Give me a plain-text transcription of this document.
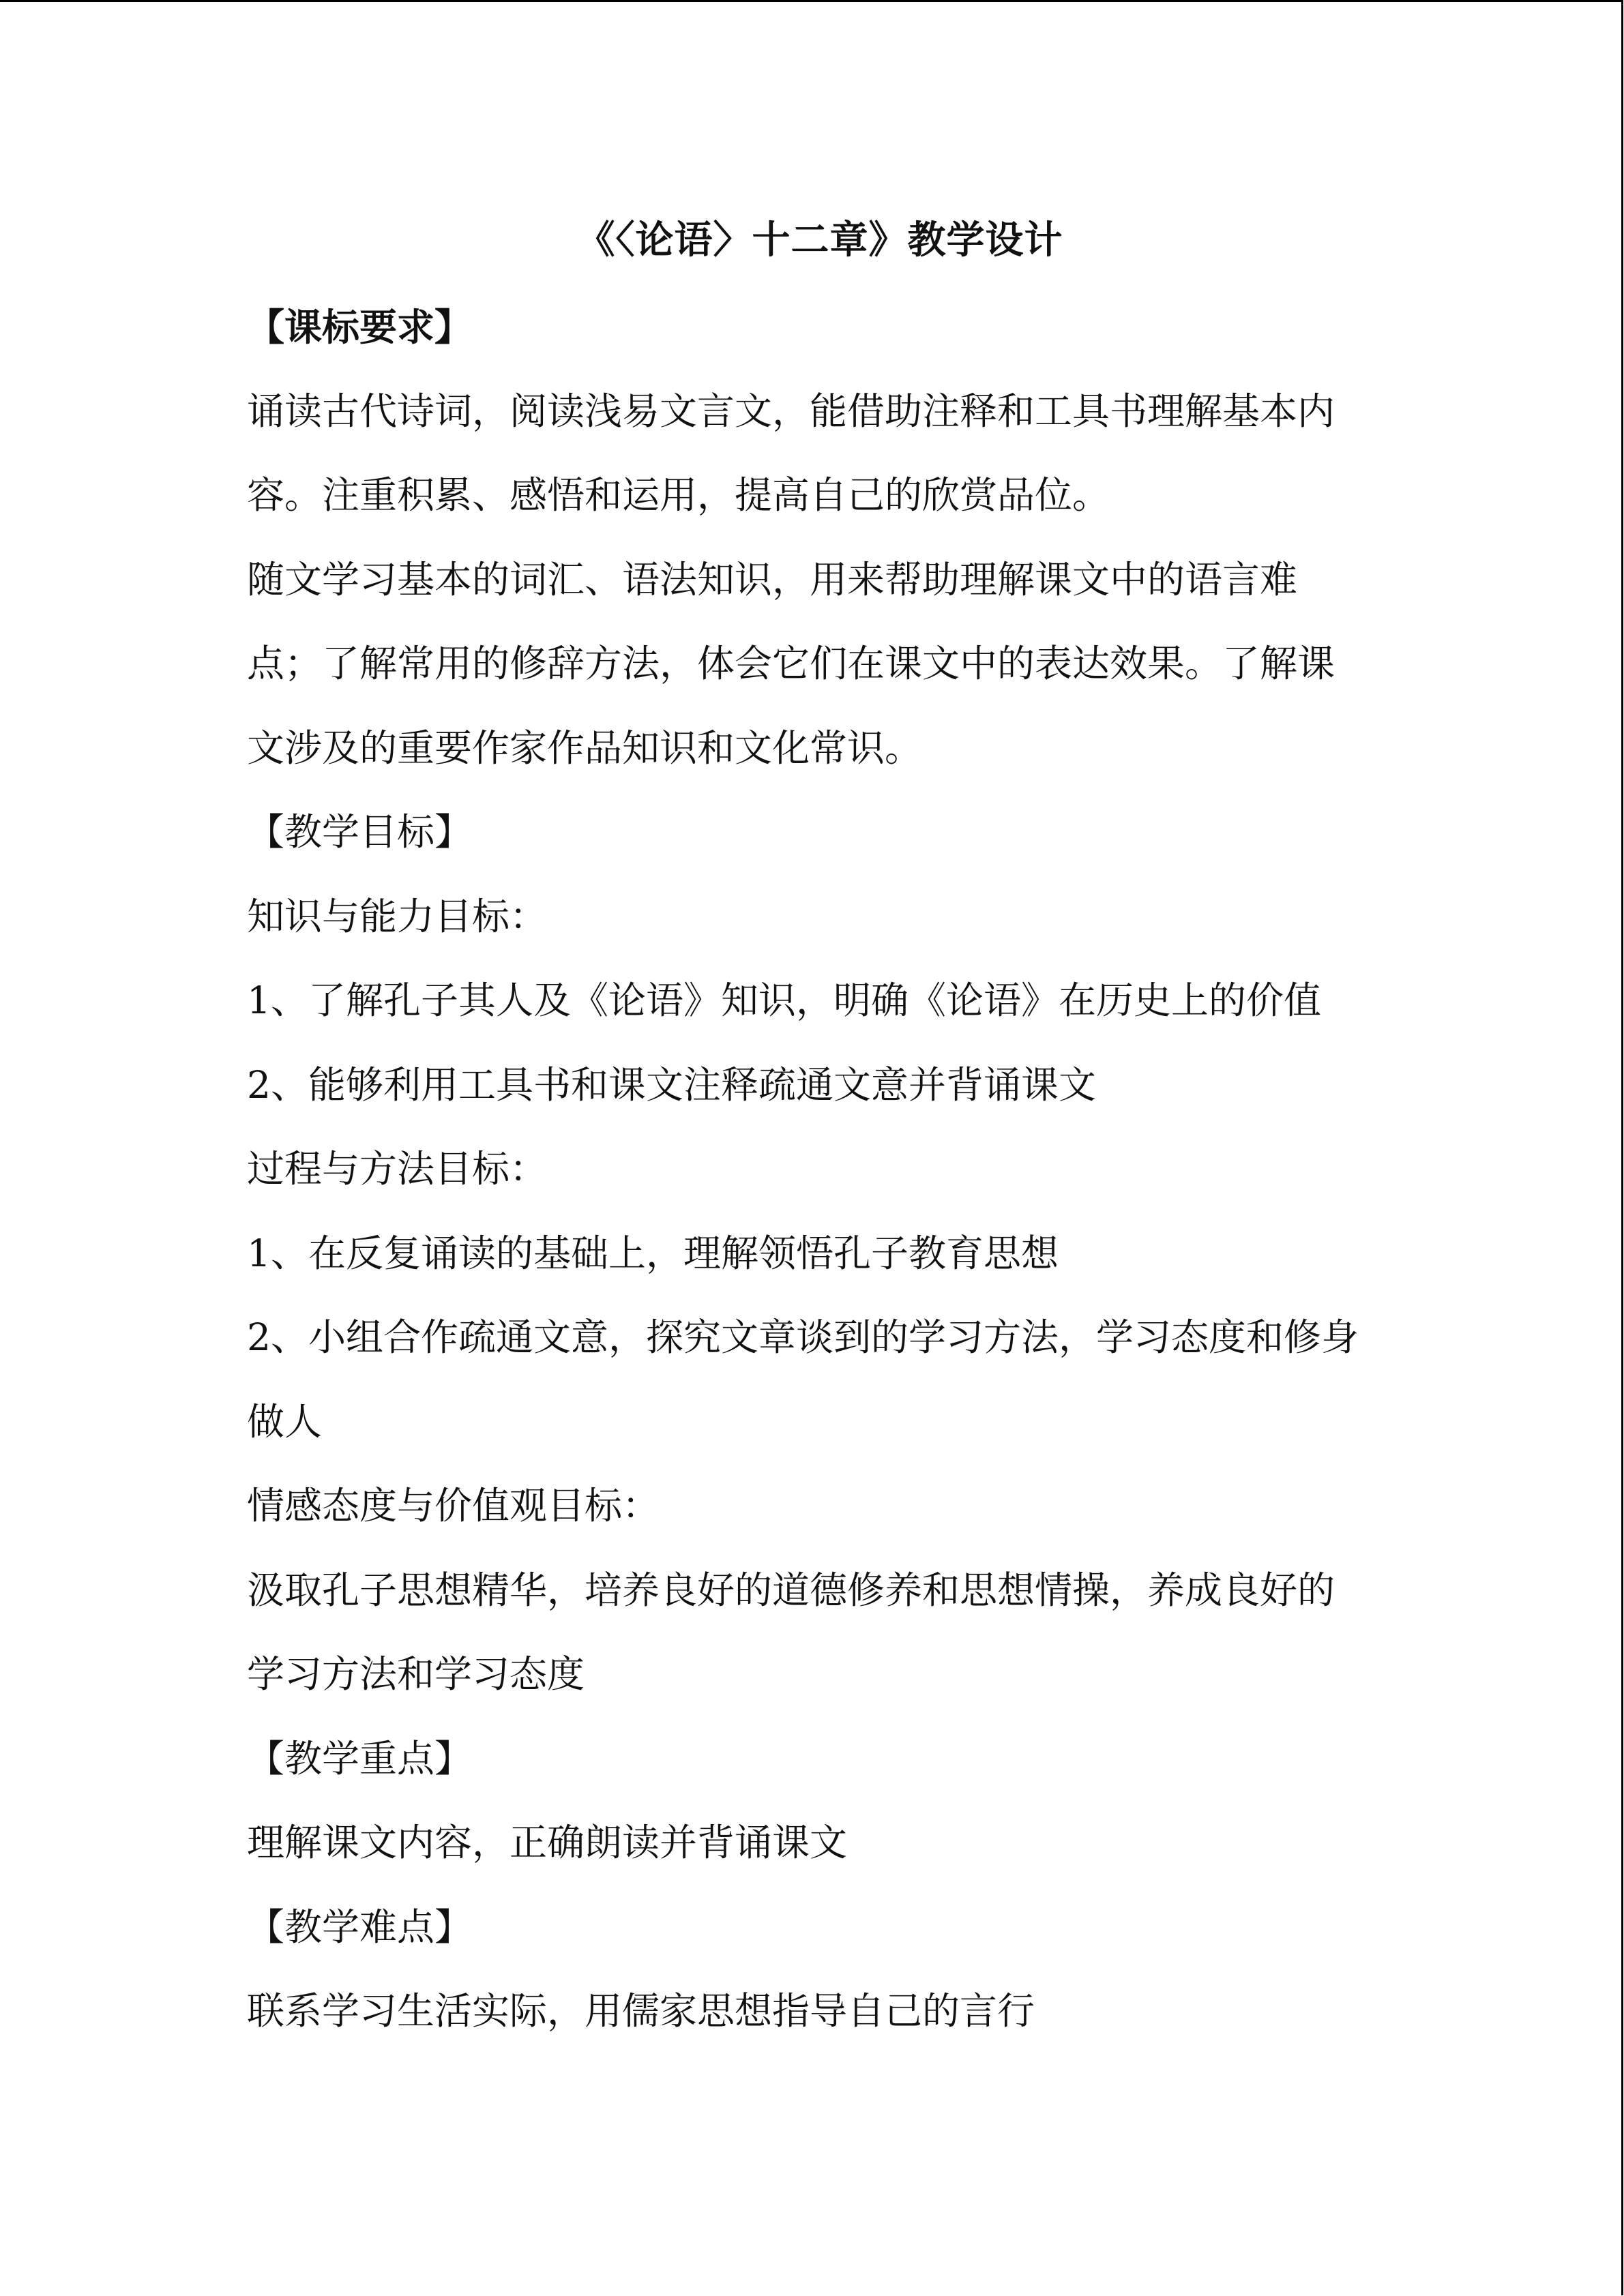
《〈论语〉十二章》教学设计

【课标要求】

诵读古代诗词，阅读浅易文言文，能借助注释和工具书理解基本内

容。注重积累、感悟和运用，提高自己的欣赏品位。

随文学习基本的词汇、语法知识，用来帮助理解课文中的语言难

点；了解常用的修辞方法，体会它们在课文中的表达效果。了解课

文涉及的重要作家作品知识和文化常识。

【教学目标】

知识与能力目标：

1、了解孔子其人及《论语》知识，明确《论语》在历史上的价值

2、能够利用工具书和课文注释疏通文意并背诵课文

过程与方法目标：

1、在反复诵读的基础上，理解领悟孔子教育思想

2、小组合作疏通文意，探究文章谈到的学习方法，学习态度和修身

做人

情感态度与价值观目标：

汲取孔子思想精华，培养良好的道德修养和思想情操，养成良好的

学习方法和学习态度

【教学重点】

理解课文内容，正确朗读并背诵课文

【教学难点】

联系学习生活实际，用儒家思想指导自己的言行
